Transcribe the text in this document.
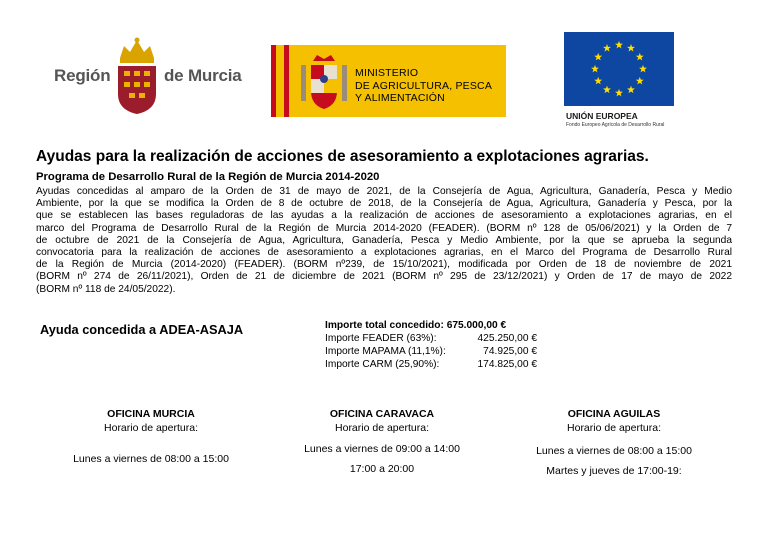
Región	de Murcia	MINISTERIO
DE AGRICULTURA, PESCA
Y ALIMENTACIÓN
UNIÓN EUROPEA
Fondo Europeo Agrícola de Desarrollo Rural
Ayudas para la realización de acciones de asesoramiento a explotaciones agrarias.
Programa de Desarrollo Rural de la Región de Murcia 2014-2020
Ayudas concedidas al amparo de la Orden de 31 de mayo de 2021, de la Consejería de Agua, Agricultura, Ganadería, Pesca y Medio
Ambiente, por la que se modifica la Orden de 8 de octubre de 2018, de la Consejería de Agua, Agricultura, Ganadería y Pesca, por la
que se establecen las bases reguladoras de las ayudas a la realización de acciones de asesoramiento a explotaciones agrarias, en el
marco del Programa de Desarrollo Rural de la Región de Murcia 2014-2020 (FEADER). (BORM nº 128 de 05/06/2021) y la Orden de 7
de octubre de 2021 de la Consejería de Agua, Agricultura, Ganadería, Pesca y Medio Ambiente, por la que se aprueba la segunda
convocatoria para la realización de acciones de asesoramiento a explotaciones agrarias, en el Marco del Programa de Desarrollo Rural
de la Región de Murcia (2014-2020) (FEADER). (BORM nº239, de 15/10/2021), modificada por Orden de 18 de noviembre de 2021
(BORM nº 274 de 26/11/2021), Orden de 21 de diciembre de 2021 (BORM nº 295 de 23/12/2021) y Orden de 17 de mayo de 2022
(BORM nº 118 de 24/05/2022).
Ayuda concedida a ADEA-ASAJA	Importe total concedido: 675.000,00 €
Importe FEADER (63%):	425.250,00 €
Importe MAPAMA (11,1%):	74.925,00 €
Importe CARM (25,90%):	174.825,00 €
OFICINA MURCIA
Horario de apertura:
Lunes a viernes de 08:00 a 15:00
OFICINA CARAVACA
Horario de apertura:
Lunes a viernes de 09:00 a 14:00
17:00 a 20:00
OFICINA AGUILAS
Horario de apertura:
Lunes a viernes de 08:00 a 15:00
Martes y jueves de 17:00-19:
